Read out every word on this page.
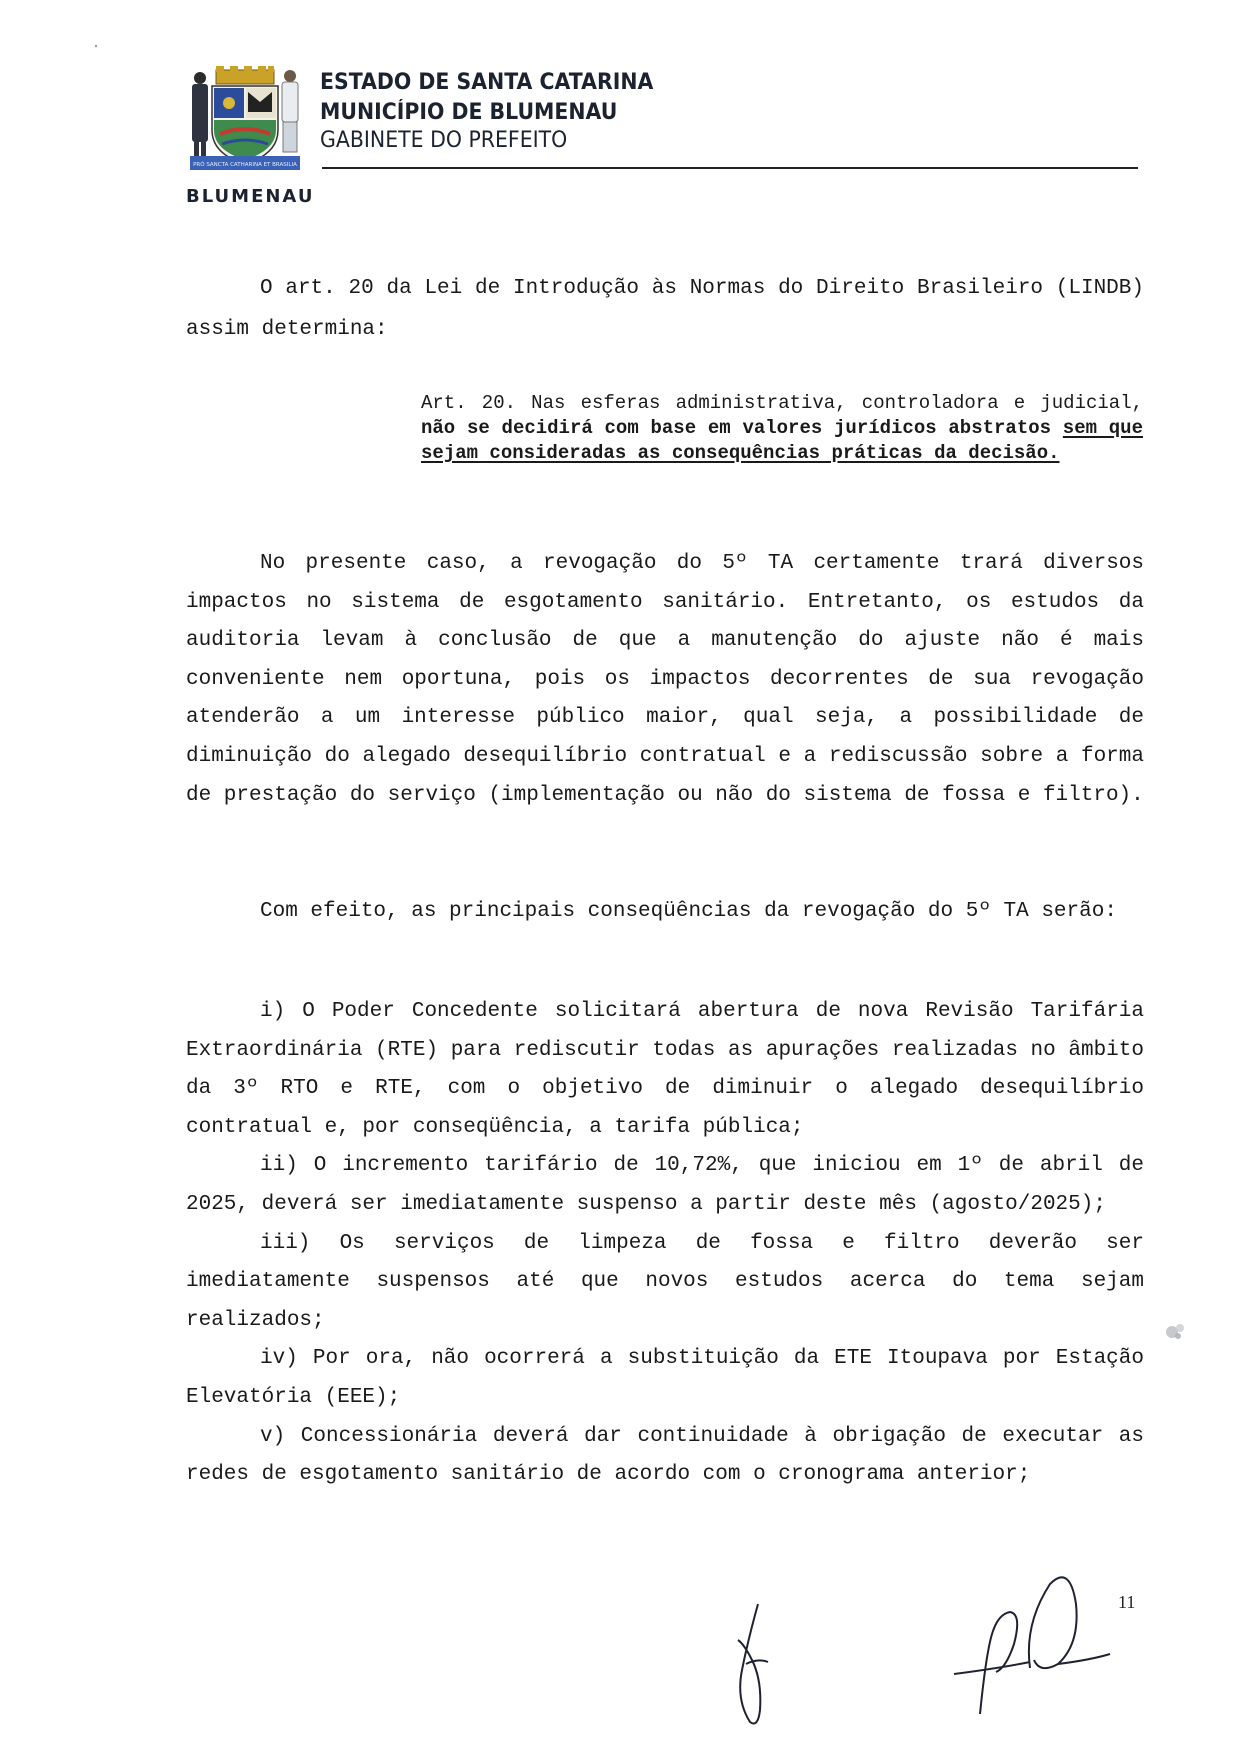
PRÓ SANCTA CATHARINA ET BRASILIA
BLUMENAU
ESTADO DE SANTA CATARINA
MUNICÍPIO DE BLUMENAU
GABINETE DO PREFEITO

O art. 20 da Lei de Introdução às Normas do Direito Brasileiro (LINDB) assim determina:

Art. 20. Nas esferas administrativa, controladora e judicial, não se decidirá com base em valores jurídicos abstratos sem que sejam consideradas as consequências práticas da decisão.

No presente caso, a revogação do 5º TA certamente trará diversos impactos no sistema de esgotamento sanitário. Entretanto, os estudos da auditoria levam à conclusão de que a manutenção do ajuste não é mais conveniente nem oportuna, pois os impactos decorrentes de sua revogação atenderão a um interesse público maior, qual seja, a possibilidade de diminuição do alegado desequilíbrio contratual e a rediscussão sobre a forma de prestação do serviço (implementação ou não do sistema de fossa e filtro).

Com efeito, as principais conseqüências da revogação do 5º TA serão:

i) O Poder Concedente solicitará abertura de nova Revisão Tarifária Extraordinária (RTE) para rediscutir todas as apurações realizadas no âmbito da 3º RTO e RTE, com o objetivo de diminuir o alegado desequilíbrio contratual e, por conseqüência, a tarifa pública;

ii) O incremento tarifário de 10,72%, que iniciou em 1º de abril de 2025, deverá ser imediatamente suspenso a partir deste mês (agosto/2025);

iii) Os serviços de limpeza de fossa e filtro deverão ser imediatamente suspensos até que novos estudos acerca do tema sejam realizados;

iv) Por ora, não ocorrerá a substituição da ETE Itoupava por Estação Elevatória (EEE);

v) Concessionária deverá dar continuidade à obrigação de executar as redes de esgotamento sanitário de acordo com o cronograma anterior;

11
